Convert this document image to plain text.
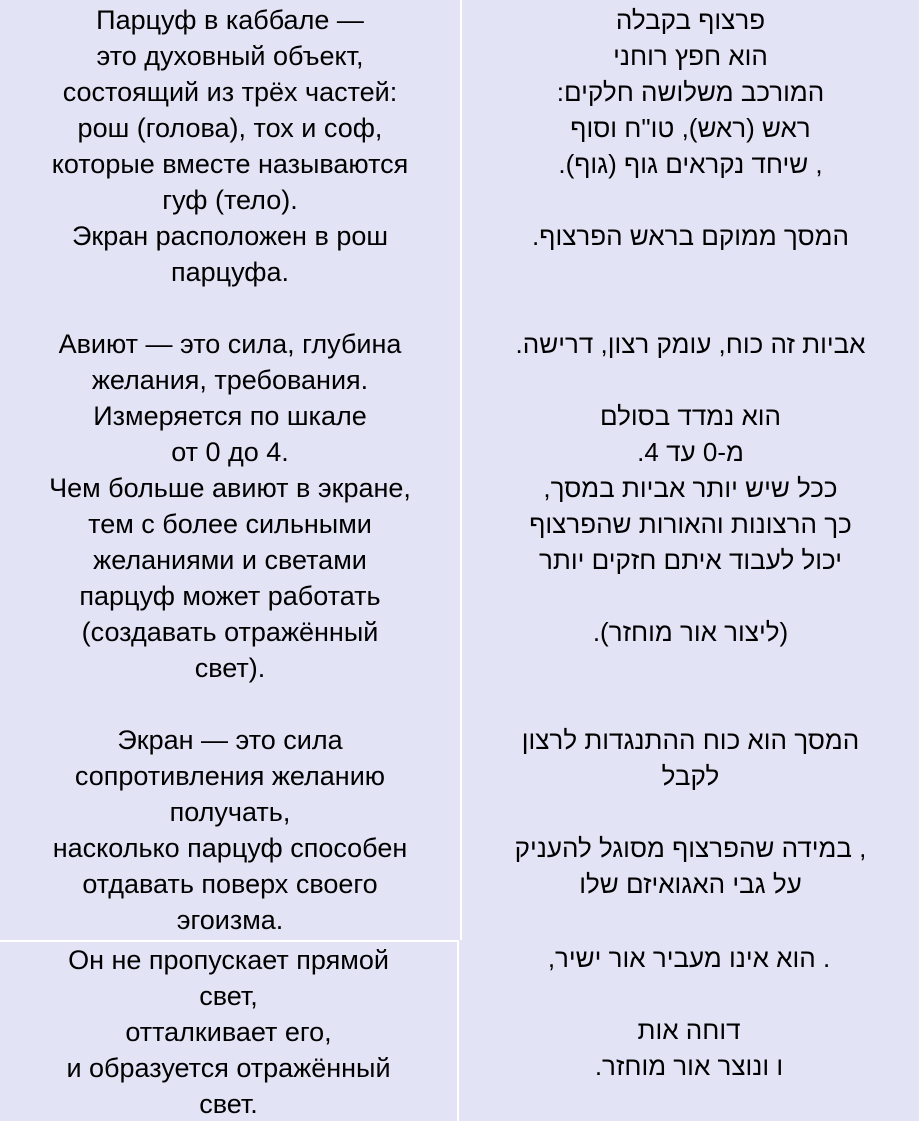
Парцуф в каббале —
это духовный объект,
состоящий из трёх частей:
рош (голова), тох и соф,
которые вместе называются
гуф (тело).
Экран расположен в рош
парцуфа.
Авиют — это сила, глубина
желания, требования.
Измеряется по шкале
от 0 до 4.
Чем больше авиют в экране,
тем с более сильными
желаниями и светами
парцуф может работать
(создавать отражённый
свет).
Экран — это сила
сопротивления желанию
получать,
насколько парцуф способен
отдавать поверх своего
эгоизма.
פרצוף בקבלה
הוא חפץ רוחני
המורכב משלושה חלקים:
ראש (ראש), טו"ח וסוף
, שיחד נקראים גוף (גוף).
המסך ממוקם בראש הפרצוף.
אביות זה כוח, עומק רצון, דרישה.
הוא נמדד בסולם
מ-0 עד 4.
ככל שיש יותר אביות במסך,
כך הרצונות והאורות שהפרצוף
יכול לעבוד איתם חזקים יותר
(ליצור אור מוחזר).
המסך הוא כוח ההתנגדות לרצון
לקבל
, במידה שהפרצוף מסוגל להעניק
על גבי האגואיזם שלו
Он не пропускает прямой
свет,
отталкивает его,
и образуется отражённый
свет.
. הוא אינו מעביר אור ישיר,
דוחה אות
ו ונוצר אור מוחזר.
